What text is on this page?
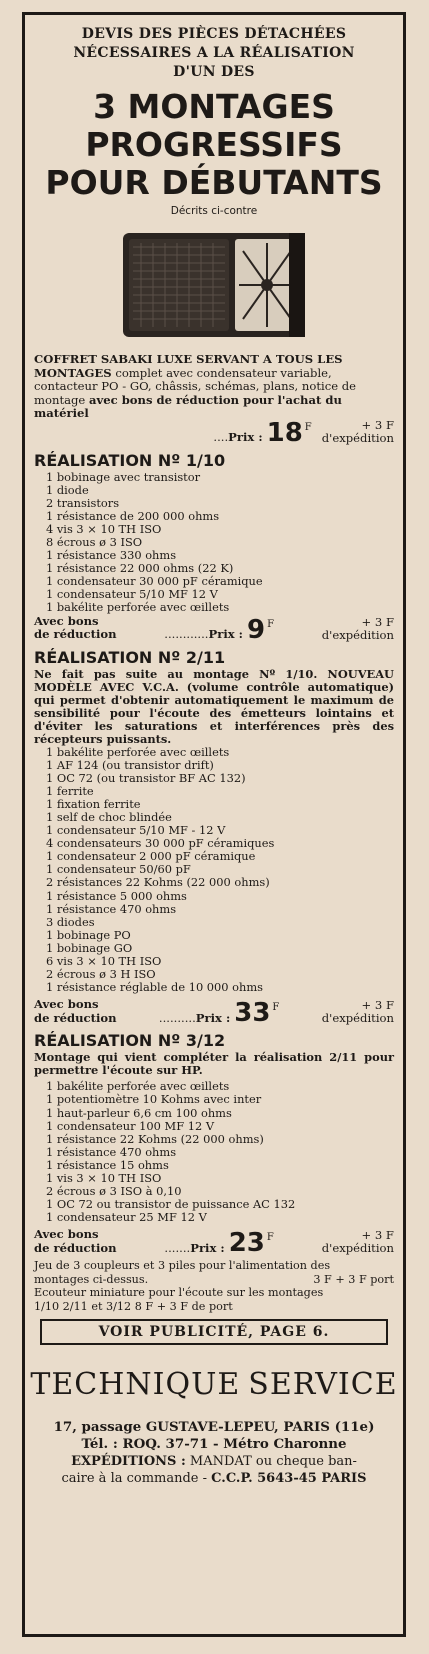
DEVIS DES PIÈCES DÉTACHÉES
NÉCESSAIRES A LA RÉALISATION
D'UN DES
3 MONTAGES
PROGRESSIFS
POUR DÉBUTANTS
Décrits ci-contre
COFFRET SABAKI LUXE SERVANT A TOUS LES MONTAGES complet avec condensateur variable, contacteur PO - GO, châssis, schémas, plans, notice de montage avec bons de réduction pour l'achat du matériel
.... Prix : 18 F	+ 3 F
d'expédition
RÉALISATION Nº 1/10
1 bobinage avec transistor
1 diode
2 transistors
1 résistance de 200 000 ohms
4 vis 3 × 10 TH ISO
8 écrous ø 3 ISO
1 résistance 330 ohms
1 résistance 22 000 ohms (22 K)
1 condensateur 30 000 pF céramique
1 condensateur 5/10 MF 12 V
1 bakélite perforée avec œillets
Avec bons
de réduction	............ Prix : 9 F	+ 3 F
d'expédition
RÉALISATION Nº 2/11
Ne fait pas suite au montage Nº 1/10. NOUVEAU MODÈLE AVEC V.C.A. (volume contrôle automatique) qui permet d'obtenir automatiquement le maximum de sensibilité pour l'écoute des émetteurs lointains et d'éviter les saturations et interférences près des récepteurs puissants.
1 bakélite perforée avec œillets
1 AF 124 (ou transistor drift)
1 OC 72 (ou transistor BF AC 132)
1 ferrite
1 fixation ferrite
1 self de choc blindée
1 condensateur 5/10 MF - 12 V
4 condensateurs 30 000 pF céramiques
1 condensateur 2 000 pF céramique
1 condensateur 50/60 pF
2 résistances 22 Kohms (22 000 ohms)
1 résistance 5 000 ohms
1 résistance 470 ohms
3 diodes
1 bobinage PO
1 bobinage GO
6 vis 3 × 10 TH ISO
2 écrous ø 3 H ISO
1 résistance réglable de 10 000 ohms
Avec bons
de réduction	.......... Prix : 33 F	+ 3 F
d'expédition
RÉALISATION Nº 3/12
Montage qui vient compléter la réalisation 2/11 pour permettre l'écoute sur HP.
1 bakélite perforée avec œillets
1 potentiomètre 10 Kohms avec inter
1 haut-parleur 6,6 cm 100 ohms
1 condensateur 100 MF 12 V
1 résistance 22 Kohms (22 000 ohms)
1 résistance 470 ohms
1 résistance 15 ohms
1 vis 3 × 10 TH ISO
2 écrous ø 3 ISO à 0,10
1 OC 72 ou transistor de puissance AC 132
1 condensateur 25 MF 12 V
Avec bons
de réduction	....... Prix : 23 F	+ 3 F
d'expédition
Jeu de 3 coupleurs et 3 piles pour l'alimentation des
montages ci-dessus.	3 F + 3 F port
Ecouteur miniature pour l'écoute sur les montages
1/10 2/11 et 3/12 8 F + 3 F de port
VOIR PUBLICITÉ, PAGE 6.
TECHNIQUE SERVICE
17, passage GUSTAVE-LEPEU, PARIS (11e)
Tél. : ROQ. 37-71 - Métro Charonne
EXPÉDITIONS : MANDAT ou cheque ban-
caire à la commande - C.C.P. 5643-45 PARIS
